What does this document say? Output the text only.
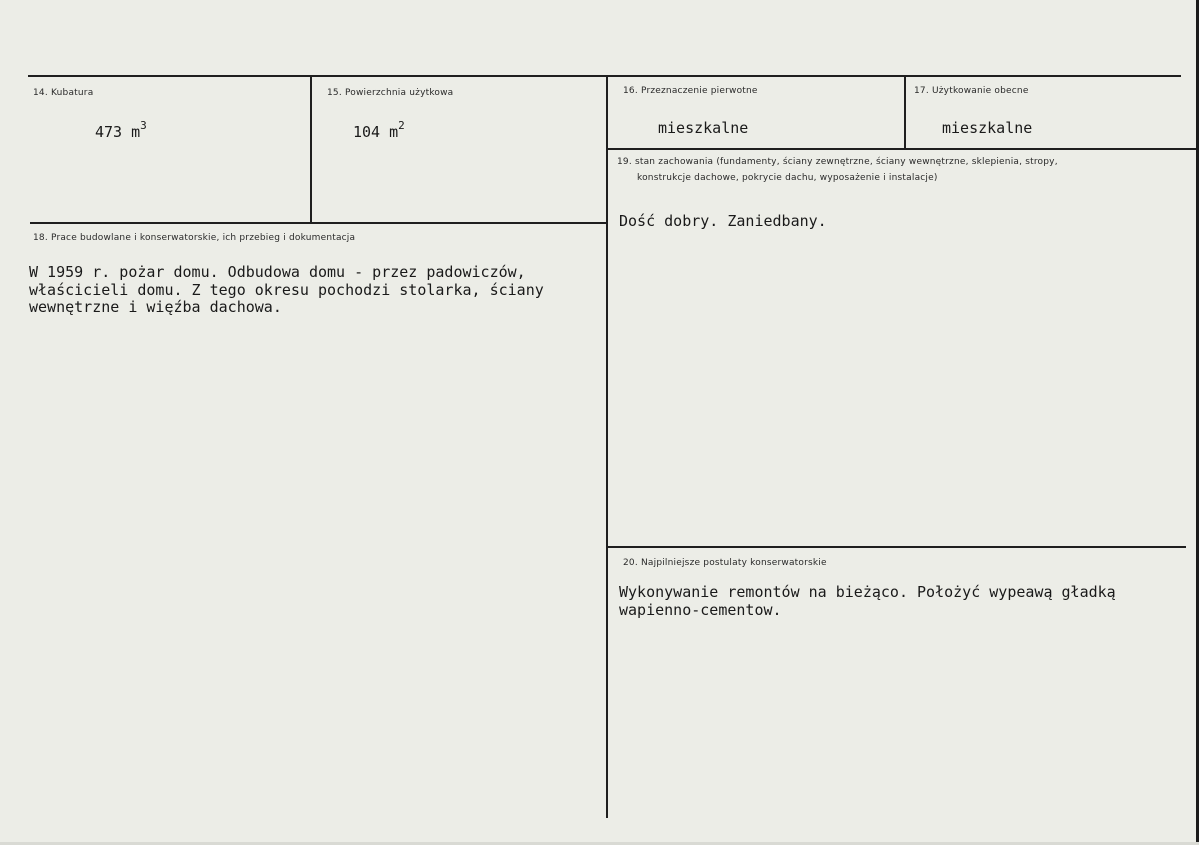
14. Kubatura
473 $m^3$
15. Powierzchnia użytkowa
104 $m^2$
16. Przeznaczenie pierwotne
mieszkalne
17. Użytkowanie obecne
mieszkalne
18. Prace budowlane i konserwatorskie, ich przebieg i dokumentacja
W 1959 r. pożar domu. Odbudowa domu - przez padowiczów,
właścicieli domu. Z tego okresu pochodzi stolarka, ściany
wewnętrzne i więźba dachowa.
19. stan zachowania (fundamenty, ściany zewnętrzne, ściany wewnętrzne, sklepienia, stropy,
konstrukcje dachowe, pokrycie dachu, wyposażenie i instalacje)
Dość dobry. Zaniedbany.
20. Najpilniejsze postulaty konserwatorskie
Wykonywanie remontów na bieżąco. Położyć wypeawą gładką
wapienno-cementow.
